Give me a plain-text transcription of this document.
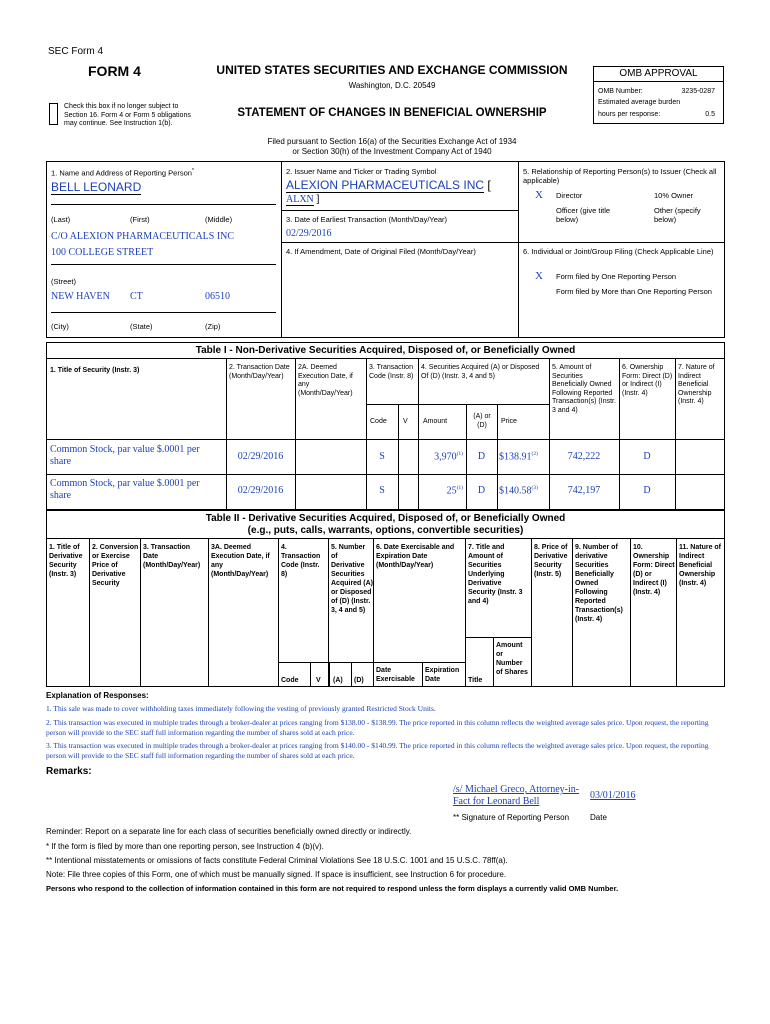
SEC Form 4
FORM 4	UNITED STATES SECURITIES AND EXCHANGE COMMISSION
Washington, D.C. 20549
Check this box if no longer subject to Section 16. Form 4 or Form 5 obligations may continue. See Instruction 1(b).
STATEMENT OF CHANGES IN BENEFICIAL OWNERSHIP
Filed pursuant to Section 16(a) of the Securities Exchange Act of 1934
or Section 30(h) of the Investment Company Act of 1940
OMB APPROVAL
OMB Number:	3235-0287
Estimated average burden
hours per response:	0.5
1. Name and Address of Reporting Person*
BELL LEONARD
(Last)	(First)	(Middle)
C/O ALEXION PHARMACEUTICALS INC
100 COLLEGE STREET
(Street)
NEW HAVEN CT	06510
(City)	(State)	(Zip)
2. Issuer Name and Ticker or Trading Symbol
ALEXION PHARMACEUTICALS INC [
ALXN ]
3. Date of Earliest Transaction (Month/Day/Year)
02/29/2016
4. If Amendment, Date of Original Filed (Month/Day/Year)
5. Relationship of Reporting Person(s) to Issuer (Check all applicable)
X Director	10% Owner
Officer (give title below)
Other (specify below)
6. Individual or Joint/Group Filing (Check Applicable Line)
X Form filed by One Reporting Person
Form filed by More than One Reporting Person
Table I - Non-Derivative Securities Acquired, Disposed of, or Beneficially Owned
1. Title of Security (Instr. 3)	2. Transaction Date (Month/Day/Year)
2A. Deemed Execution Date, if any (Month/Day/Year)
3. Transaction Code (Instr. 8)
4. Securities Acquired (A) or Disposed Of (D) (Instr. 3, 4 and 5)
5. Amount of Securities Beneficially Owned Following Reported Transaction(s) (Instr. 3 and 4)
6. Ownership Form: Direct (D) or Indirect (I) (Instr. 4)
7. Nature of Indirect Beneficial Ownership (Instr. 4)
Code V Amount
(A) or (D)	Price
Common Stock, par value $.0001 per share	02/29/2016	S	3,970$^{(1)}$	D	$138.91$^{(2)}$	742,222	D
Common Stock, par value $.0001 per share	02/29/2016	S	25$^{(1)}$	D	$140.58$^{(3)}$	742,197	D
Table II - Derivative Securities Acquired, Disposed of, or Beneficially Owned
(e.g., puts, calls, warrants, options, convertible securities)
1. Title of Derivative Security (Instr. 3)
2. Conversion or Exercise Price of Derivative Security
3. Transaction Date (Month/Day/Year)
3A. Deemed Execution Date, if any (Month/Day/Year)
4. Transaction Code (Instr. 8)
5. Number of Derivative Securities Acquired (A) or Disposed of (D) (Instr. 3, 4 and 5)
6. Date Exercisable and Expiration Date (Month/Day/Year)
7. Title and Amount of Securities Underlying Derivative Security (Instr. 3 and 4)
8. Price of Derivative Security (Instr. 5)
9. Number of derivative Securities Beneficially Owned Following Reported Transaction(s) (Instr. 4)
10. Ownership Form: Direct (D) or Indirect (I) (Instr. 4)
11. Nature of Indirect Beneficial Ownership (Instr. 4)
Code	V (A) (D)
Date Exercisable
Expiration Date	Title
Amount or Number of Shares
Explanation of Responses:
1. This sale was made to cover withholding taxes immediately following the vesting of previously granted Restricted Stock Units.
2. This transaction was executed in multiple trades through a broker-dealer at prices ranging from $138.00 - $138.99. The price reported in this column reflects the weighted average sales price. Upon request, the reporting person will provide to the SEC staff full information regarding the number of shares sold at each price.
3. This transaction was executed in multiple trades through a broker-dealer at prices ranging from $140.00 - $140.99. The price reported in this column reflects the weighted average sales price. Upon request, the reporting person will provide to the SEC staff full information regarding the number of shares sold at each price.
Remarks:
/s/ Michael Greco, Attorney-in-Fact for Leonard Bell
03/01/2016
** Signature of Reporting Person	Date
Reminder: Report on a separate line for each class of securities beneficially owned directly or indirectly.
* If the form is filed by more than one reporting person, see Instruction 4 (b)(v).
** Intentional misstatements or omissions of facts constitute Federal Criminal Violations See 18 U.S.C. 1001 and 15 U.S.C. 78ff(a).
Note: File three copies of this Form, one of which must be manually signed. If space is insufficient, see Instruction 6 for procedure.
Persons who respond to the collection of information contained in this form are not required to respond unless the form displays a currently valid OMB Number.
